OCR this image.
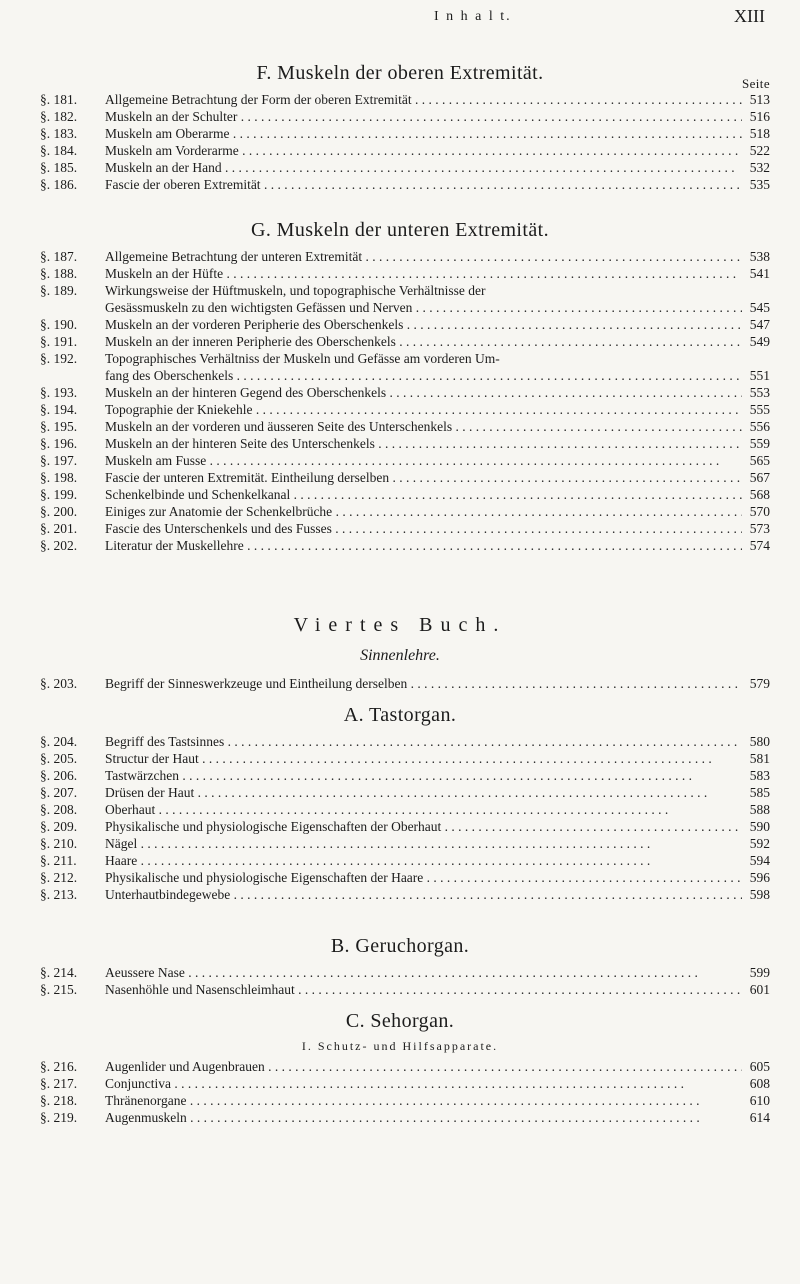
I n h a l t.	XIII
F. Muskeln der oberen Extremität.	Seite
§. 181.	Allgemeine Betrachtung der Form der oberen Extremität . . .	513
§. 182.	Muskeln an der Schulter . . .	516
§. 183.	Muskeln am Oberarme . . .	518
§. 184.	Muskeln am Vorderarme . . .	522
§. 185.	Muskeln an der Hand . . .	532
§. 186.	Fascie der oberen Extremität . . .	535
G. Muskeln der unteren Extremität.
§. 187.	Allgemeine Betrachtung der unteren Extremität . . .	538
§. 188.	Muskeln an der Hüfte . . .	541
§. 189.	Wirkungsweise der Hüftmuskeln, und topographische Verhältnisse der
Gesässmuskeln zu den wichtigsten Gefässen und Nerven . . .	545
§. 190.	Muskeln an der vorderen Peripherie des Oberschenkels . . .	547
§. 191.	Muskeln an der inneren Peripherie des Oberschenkels . . .	549
§. 192.	Topographisches Verhältniss der Muskeln und Gefässe am vorderen Um-
fang des Oberschenkels . . .	551
§. 193.	Muskeln an der hinteren Gegend des Oberschenkels . . .	553
§. 194.	Topographie der Kniekehle . . .	555
§. 195.	Muskeln an der vorderen und äusseren Seite des Unterschenkels . . .	556
§. 196.	Muskeln an der hinteren Seite des Unterschenkels . . .	559
§. 197.	Muskeln am Fusse . . .	565
§. 198.	Fascie der unteren Extremität. Eintheilung derselben . . .	567
§. 199.	Schenkelbinde und Schenkelkanal . . .	568
§. 200.	Einiges zur Anatomie der Schenkelbrüche . . .	570
§. 201.	Fascie des Unterschenkels und des Fusses . . .	573
§. 202.	Literatur der Muskellehre . . .	574
Viertes Buch.
Sinnenlehre.
§. 203.	Begriff der Sinneswerkzeuge und Eintheilung derselben . . .	579
A. Tastorgan.
§. 204.	Begriff des Tastsinnes . . .	580
§. 205.	Structur der Haut . . .	581
§. 206.	Tastwärzchen . . .	583
§. 207.	Drüsen der Haut . . .	585
§. 208.	Oberhaut . . .	588
§. 209.	Physikalische und physiologische Eigenschaften der Oberhaut . . .	590
§. 210.	Nägel . . .	592
§. 211.	Haare . . .	594
§. 212.	Physikalische und physiologische Eigenschaften der Haare . . .	596
§. 213.	Unterhautbindegewebe . . .	598
B. Geruchorgan.
§. 214.	Aeussere Nase . . .	599
§. 215.	Nasenhöhle und Nasenschleimhaut . . .	601
C. Sehorgan.
I. Schutz- und Hilfsapparate.
§. 216.	Augenlider und Augenbrauen . . .	605
§. 217.	Conjunctiva . . .	608
§. 218.	Thränenorgane . . .	610
§. 219.	Augenmuskeln . . .	614
